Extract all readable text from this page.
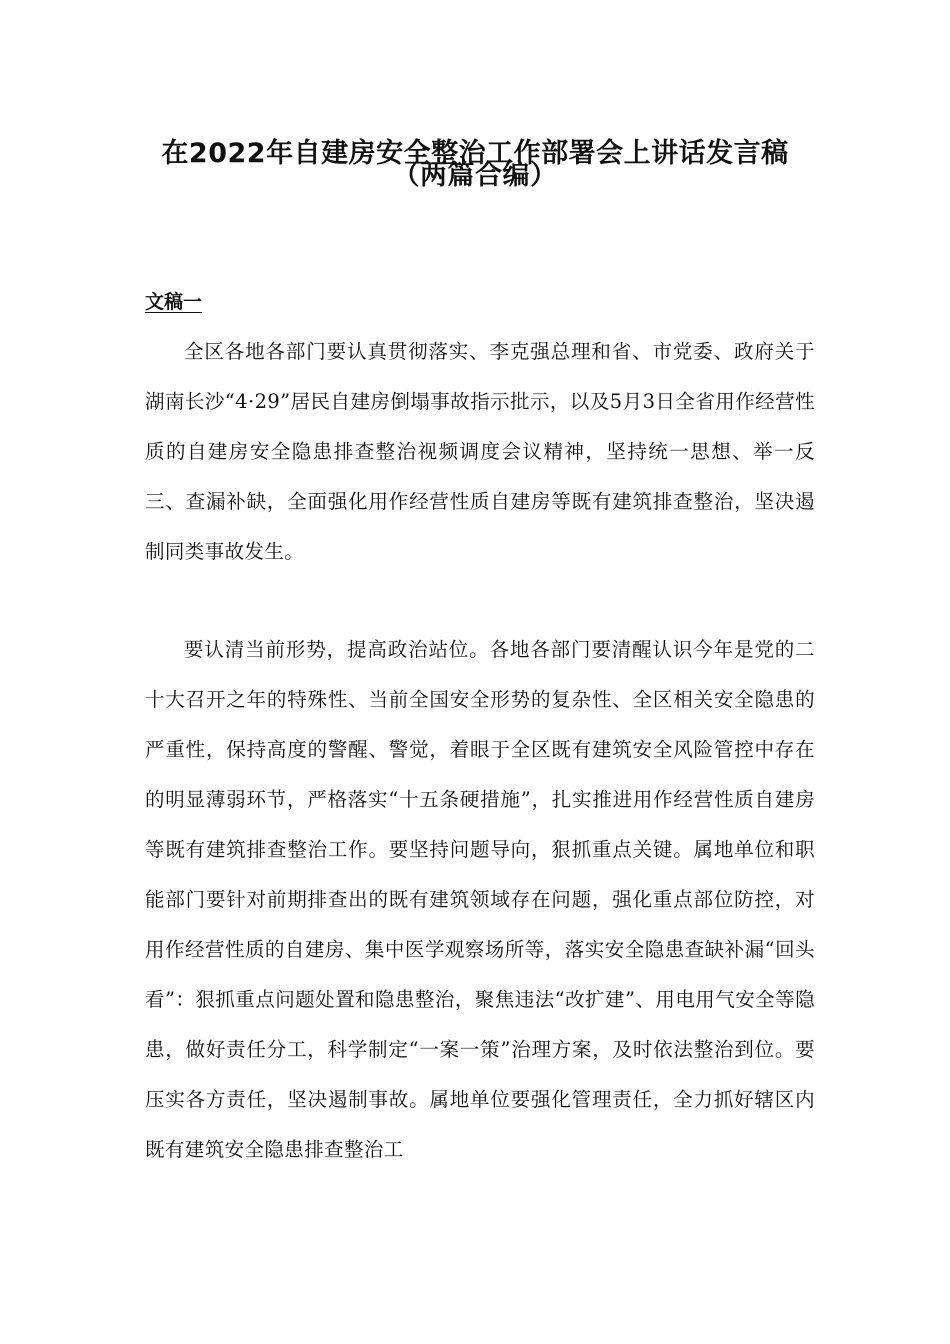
在2022年自建房安全整治工作部署会上讲话发言稿
（两篇合编）
文稿一

全区各地各部门要认真贯彻落实、李克强总理和省、市党委、政府关于湖南长沙“4·29”居民自建房倒塌事故指示批示，以及5月3日全省用作经营性质的自建房安全隐患排查整治视频调度会议精神，坚持统一思想、举一反三、查漏补缺，全面强化用作经营性质自建房等既有建筑排查整治，坚决遏制同类事故发生。

要认清当前形势，提高政治站位。各地各部门要清醒认识今年是党的二十大召开之年的特殊性、当前全国安全形势的复杂性、全区相关安全隐患的严重性，保持高度的警醒、警觉，着眼于全区既有建筑安全风险管控中存在的明显薄弱环节，严格落实“十五条硬措施”，扎实推进用作经营性质自建房等既有建筑排查整治工作。要坚持问题导向，狠抓重点关键。属地单位和职能部门要针对前期排查出的既有建筑领域存在问题，强化重点部位防控，对用作经营性质的自建房、集中医学观察场所等，落实安全隐患查缺补漏“回头看”：狠抓重点问题处置和隐患整治，聚焦违法“改扩建”、用电用气安全等隐患，做好责任分工，科学制定“一案一策”治理方案，及时依法整治到位。要压实各方责任，坚决遏制事故。属地单位要强化管理责任，全力抓好辖区内既有建筑安全隐患排查整治工
